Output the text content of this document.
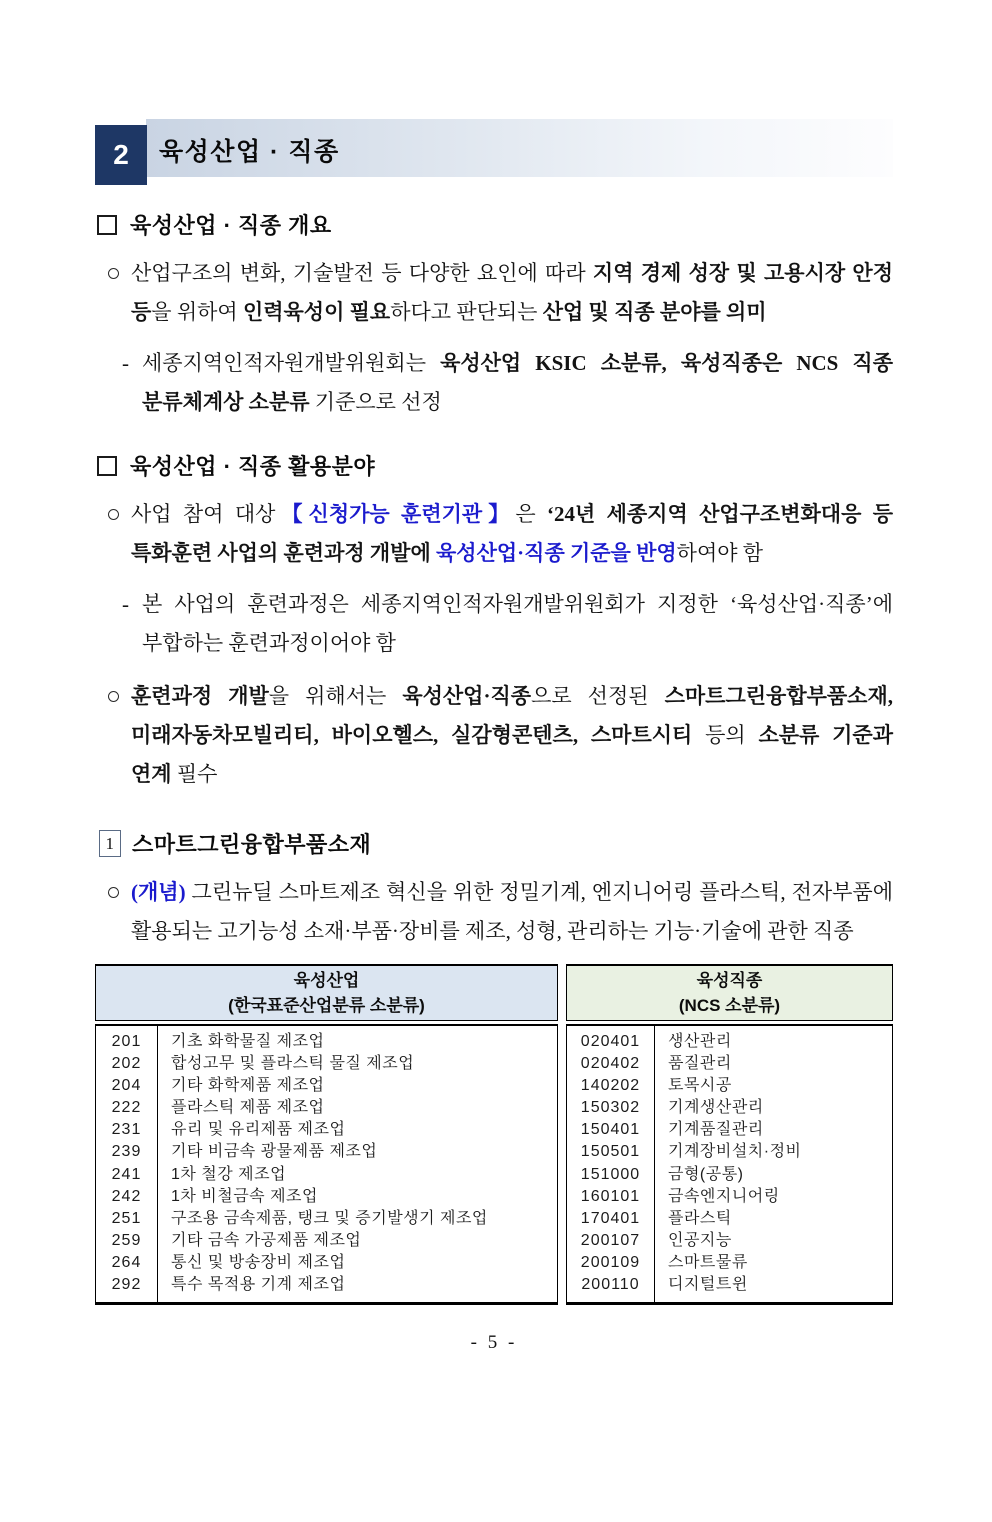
2	육성산업 · 직종
육성산업 · 직종 개요
산업구조의 변화, 기술발전 등 다양한 요인에 따라 지역 경제 성장 및 고용시장 안정 등을 위하여 인력육성이 필요하다고 판단되는 산업 및 직종 분야를 의미
- 세종지역인적자원개발위원회는 육성산업 KSIC 소분류, 육성직종은 NCS 직종 분류체계상 소분류 기준으로 선정
육성산업 · 직종 활용분야
사업 참여 대상【신청가능 훈련기관】은 ‘24년 세종지역 산업구조변화대응 등 특화훈련 사업의 훈련과정 개발에 육성산업·직종 기준을 반영하여야 함
- 본 사업의 훈련과정은 세종지역인적자원개발위원회가 지정한 ‘육성산업·직종’에 부합하는 훈련과정이어야 함
훈련과정 개발을 위해서는 육성산업·직종으로 선정된 스마트그린융합부품소재, 미래자동차모빌리티, 바이오헬스, 실감형콘텐츠, 스마트시티 등의 소분류 기준과 연계 필수
1 스마트그린융합부품소재
(개념) 그린뉴딜 스마트제조 혁신을 위한 정밀기계, 엔지니어링 플라스틱, 전자부품에 활용되는 고기능성 소재·부품·장비를 제조, 성형, 관리하는 기능·기술에 관한 직종
육성산업
(한국표준산업분류 소분류)
201
202
204
222
231
239
241
242
251
259
264
292
기초 화학물질 제조업
합성고무 및 플라스틱 물질 제조업
기타 화학제품 제조업
플라스틱 제품 제조업
유리 및 유리제품 제조업
기타 비금속 광물제품 제조업
1차 철강 제조업
1차 비철금속 제조업
구조용 금속제품, 탱크 및 증기발생기 제조업
기타 금속 가공제품 제조업
통신 및 방송장비 제조업
특수 목적용 기계 제조업
육성직종
(NCS 소분류)
020401
020402
140202
150302
150401
150501
151000
160101
170401
200107
200109
200110
생산관리
품질관리
토목시공
기계생산관리
기계품질관리
기계장비설치·정비
금형(공통)
금속엔지니어링
플라스틱
인공지능
스마트물류
디지털트윈
- 5 -
